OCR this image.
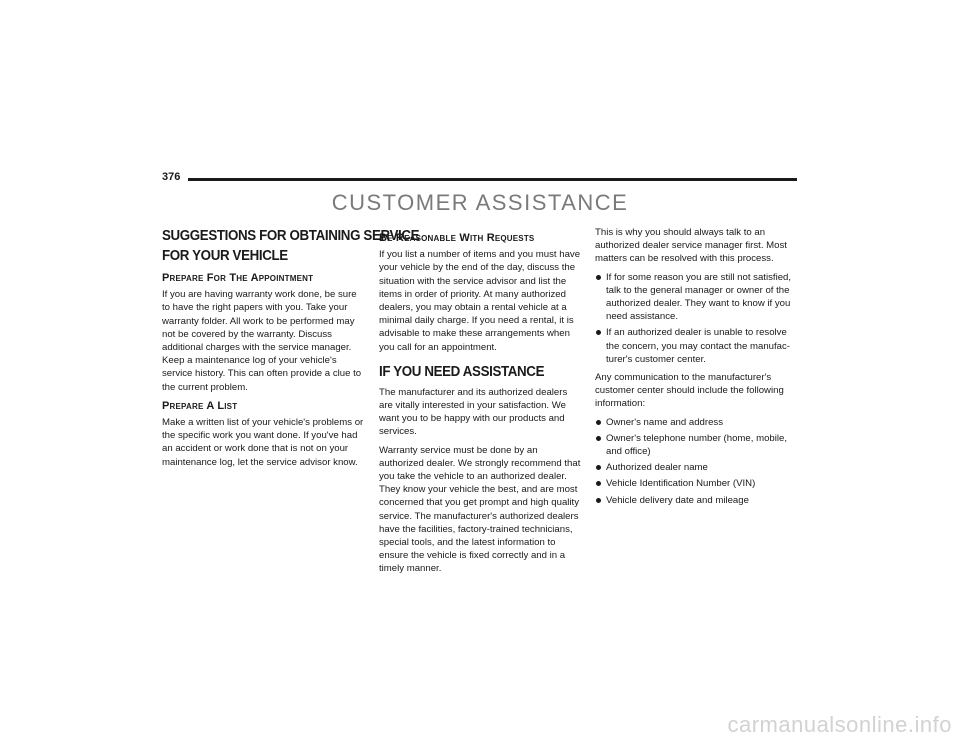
376
CUSTOMER ASSISTANCE
SUGGESTIONS FOR OBTAINING SERVICE
FOR YOUR VEHICLE
Prepare For The Appointment

If you are having warranty work done, be sure to have the right papers with you. Take your warranty folder. All work to be performed may not be covered by the warranty. Discuss additional charges with the service manager. Keep a maintenance log of your vehicle's service history. This can often provide a clue to the current problem.

Prepare A List

Make a written list of your vehicle's problems or the specific work you want done. If you've had an accident or work done that is not on your maintenance log, let the service advisor know.

Be Reasonable With Requests

If you list a number of items and you must have your vehicle by the end of the day, discuss the situation with the service advisor and list the items in order of priority. At many authorized dealers, you may obtain a rental vehicle at a minimal daily charge. If you need a rental, it is advisable to make these arrangements when you call for an appointment.

IF YOU NEED ASSISTANCE

The manufacturer and its authorized dealers are vitally interested in your satisfaction. We want you to be happy with our products and services.

Warranty service must be done by an authorized dealer. We strongly recommend that you take the vehicle to an authorized dealer. They know your vehicle the best, and are most concerned that you get prompt and high quality service. The manufacturer's authorized dealers have the facilities, factory-trained technicians, special tools, and the latest information to ensure the vehicle is fixed correctly and in a timely manner.

This is why you should always talk to an authorized dealer service manager first. Most matters can be resolved with this process.

If for some reason you are still not satisfied, talk to the general manager or owner of the authorized dealer. They want to know if you need assistance.
If an authorized dealer is unable to resolve the concern, you may contact the manufac-turer's customer center.

Any communication to the manufacturer's customer center should include the following information:

Owner's name and address
Owner's telephone number (home, mobile, and office)
Authorized dealer name
Vehicle Identification Number (VIN)
Vehicle delivery date and mileage
carmanualsonline.info
